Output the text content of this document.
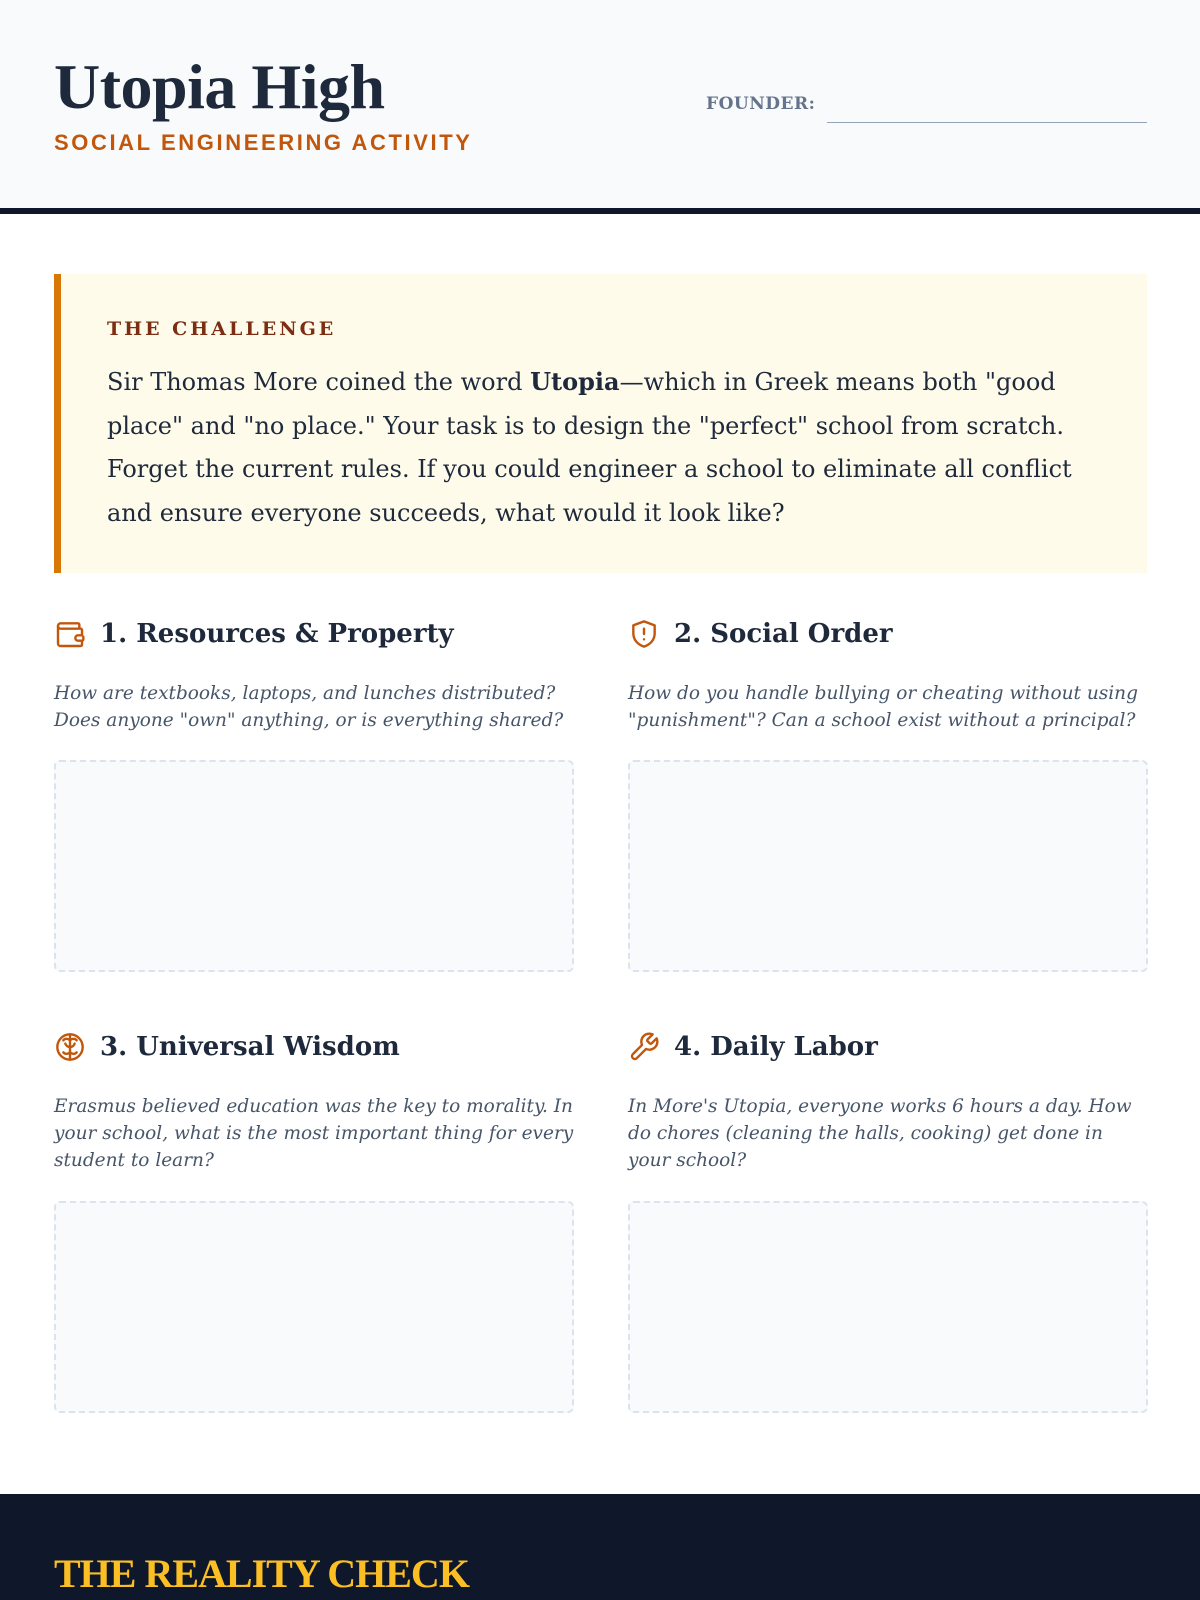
Utopia High
SOCIAL ENGINEERING ACTIVITY
FOUNDER:
THE CHALLENGE

Sir Thomas More coined the word Utopia—which in Greek means both "good place" and "no place." Your task is to design the "perfect" school from scratch. Forget the current rules. If you could engineer a school to eliminate all conflict and ensure everyone succeeds, what would it look like?

1. Resources & Property

How are textbooks, laptops, and lunches distributed? Does anyone "own" anything, or is everything shared?

2. Social Order

How do you handle bullying or cheating without using "punishment"? Can a school exist without a principal?

3. Universal Wisdom

Erasmus believed education was the key to morality. In your school, what is the most important thing for every student to learn?

4. Daily Labor

In More's Utopia, everyone works 6 hours a day. How do chores (cleaning the halls, cooking) get done in your school?

THE REALITY CHECK
